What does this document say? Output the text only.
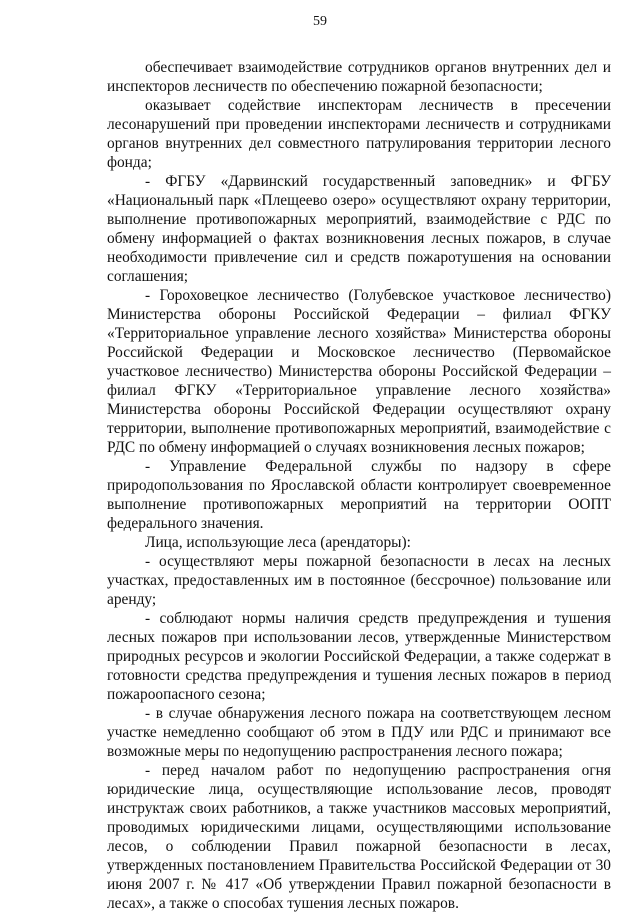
59

обеспечивает взаимодействие сотрудников органов внутренних дел и инспекторов лесничеств по обеспечению пожарной безопасности;

оказывает содействие инспекторам лесничеств в пресечении лесонарушений при проведении инспекторами лесничеств и сотрудниками органов внутренних дел совместного патрулирования территории лесного фонда;

- ФГБУ «Дарвинский государственный заповедник» и ФГБУ «Национальный парк «Плещеево озеро» осуществляют охрану территории, выполнение противопожарных мероприятий, взаимодействие с РДС по обмену информацией о фактах возникновения лесных пожаров, в случае необходимости привлечение сил и средств пожаротушения на основании соглашения;

- Гороховецкое лесничество (Голубевское участковое лесничество) Министерства обороны Российской Федерации – филиал ФГКУ «Территориальное управление лесного хозяйства» Министерства обороны Российской Федерации и Московское лесничество (Первомайское участковое лесничество) Министерства обороны Российской Федерации – филиал ФГКУ «Территориальное управление лесного хозяйства» Министерства обороны Российской Федерации осуществляют охрану территории, выполнение противопожарных мероприятий, взаимодействие с РДС по обмену информацией о случаях возникновения лесных пожаров;

- Управление Федеральной службы по надзору в сфере природопользования по Ярославской области контролирует своевременное выполнение противопожарных мероприятий на территории ООПТ федерального значения.

Лица, использующие леса (арендаторы):

- осуществляют меры пожарной безопасности в лесах на лесных участках, предоставленных им в постоянное (бессрочное) пользование или аренду;

- соблюдают нормы наличия средств предупреждения и тушения лесных пожаров при использовании лесов, утвержденные Министерством природных ресурсов и экологии Российской Федерации, а также содержат в готовности средства предупреждения и тушения лесных пожаров в период пожароопасного сезона;

- в случае обнаружения лесного пожара на соответствующем лесном участке немедленно сообщают об этом в ПДУ или РДС и принимают все возможные меры по недопущению распространения лесного пожара;

- перед началом работ по недопущению распространения огня юридические лица, осуществляющие использование лесов, проводят инструктаж своих работников, а также участников массовых мероприятий, проводимых юридическими лицами, осуществляющими использование лесов, о соблюдении Правил пожарной безопасности в лесах, утвержденных постановлением Правительства Российской Федерации от 30 июня 2007 г. № 417 «Об утверждении Правил пожарной безопасности в лесах», а также о способах тушения лесных пожаров.
